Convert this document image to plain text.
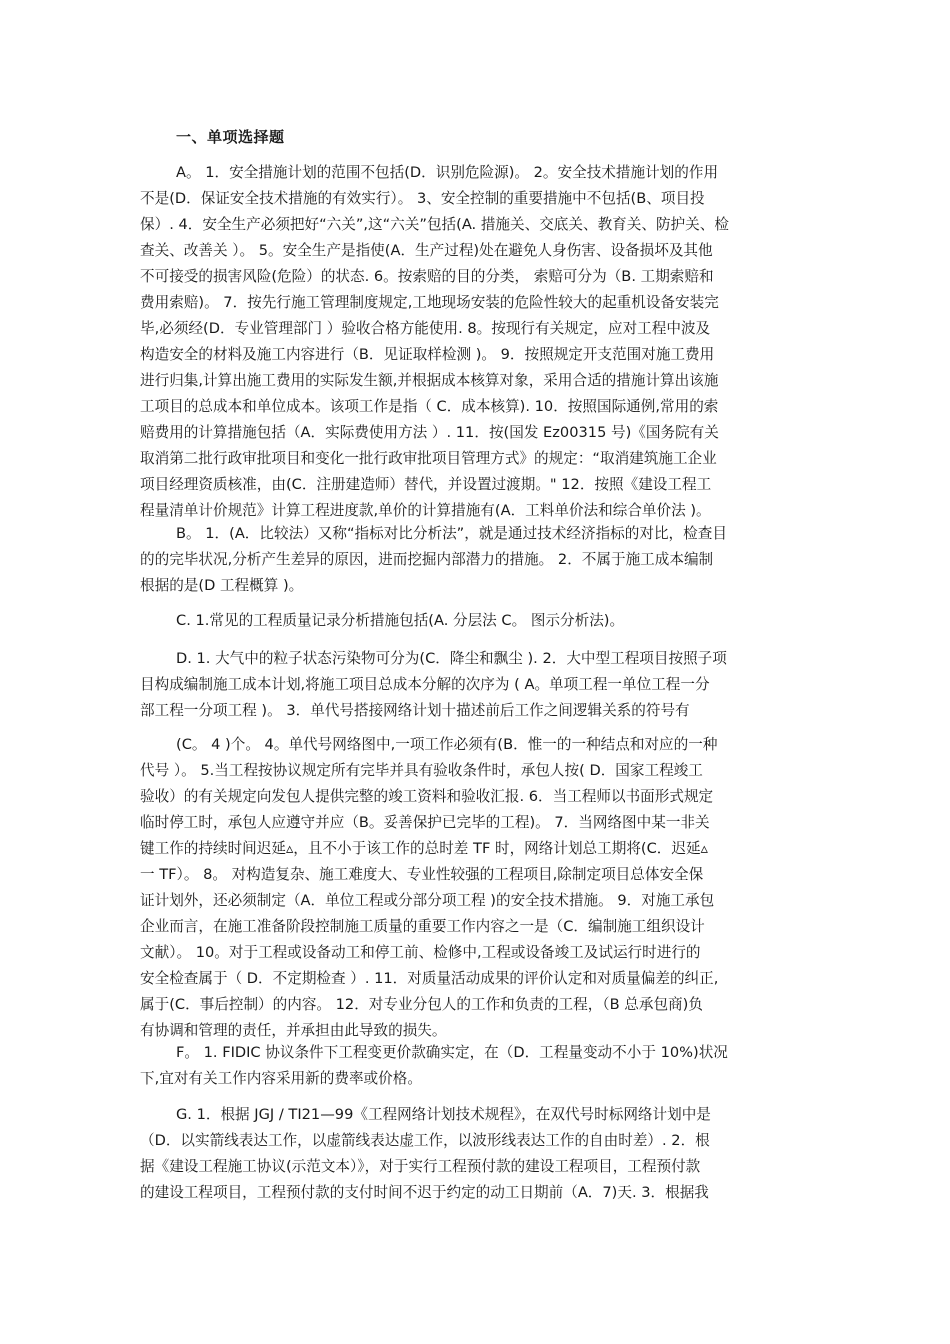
一、单项选择题
A。 1．安全措施计划的范围不包括(D．识别危险源)。 2。安全技术措施计划的作用
不是(D．保证安全技术措施的有效实行）。 3、安全控制的重要措施中不包括(B、项目投
保）. 4．安全生产必须把好“六关”,这“六关”包括(A. 措施关、交底关、教育关、防护关、检
查关、改善关 ）。 5。安全生产是指使(A．生产过程)处在避免人身伤害、设备损坏及其他
不可接受的损害风险(危险）的状态. 6。按索赔的目的分类， 索赔可分为（B. 工期索赔和
费用索赔)。 7．按先行施工管理制度规定,工地现场安装的危险性较大的起重机设备安装完
毕,必须经(D．专业管理部门 ）验收合格方能使用. 8。按现行有关规定，应对工程中波及
构造安全的材料及施工内容进行（B．见证取样检测 )。 9．按照规定开支范围对施工费用
进行归集,计算出施工费用的实际发生额,并根据成本核算对象，采用合适的措施计算出该施
工项目的总成本和单位成本。该项工作是指（ C．成本核算). 10．按照国际通例,常用的索
赔费用的计算措施包括（A．实际费使用方法 ）. 11．按(国发 Ez00315 号)《国务院有关
取消第二批行政审批项目和变化一批行政审批项目管理方式》的规定：“取消建筑施工企业
项目经理资质核准，由(C．注册建造师）替代，并设置过渡期。" 12．按照《建设工程工
程量清单计价规范》计算工程进度款,单价的计算措施有(A．工料单价法和综合单价法 )。
B。 1．(A．比较法）又称“指标对比分析法”，就是通过技术经济指标的对比，检查目
的的完毕状况,分析产生差异的原因，进而挖掘内部潜力的措施。 2．不属于施工成本编制
根据的是(D 工程概算 )。
C. 1.常见的工程质量记录分析措施包括(A. 分层法 C。 图示分析法)。
D. 1. 大气中的粒子状态污染物可分为(C．降尘和飘尘 ). 2．大中型工程项目按照子项
目构成编制施工成本计划,将施工项目总成本分解的次序为 ( A。单项工程一单位工程一分
部工程一分项工程 )。 3．单代号搭接网络计划十描述前后工作之间逻辑关系的符号有
(C。 4 )个。 4。单代号网络图中,一项工作必须有(B．惟一的一种结点和对应的一种
代号 ）。 5.当工程按协议规定所有完毕并具有验收条件时，承包人按( D．国家工程竣工
验收）的有关规定向发包人提供完整的竣工资料和验收汇报. 6．当工程师以书面形式规定
临时停工时，承包人应遵守并应（B。妥善保护已完毕的工程)。 7．当网络图中某一非关
键工作的持续时间迟延▵，且不小于该工作的总时差 TF 时，网络计划总工期将(C．迟延▵
一 TF）。 8。 对构造复杂、施工难度大、专业性较强的工程项目,除制定项目总体安全保
证计划外，还必须制定（A．单位工程或分部分项工程 )的安全技术措施。 9．对施工承包
企业而言，在施工准备阶段控制施工质量的重要工作内容之一是（C．编制施工组织设计
文献）。 10。对于工程或设备动工和停工前、检修中,工程或设备竣工及试运行时进行的
安全检查属于（ D．不定期检查 ）. 11．对质量活动成果的评价认定和对质量偏差的纠正,
属于(C．事后控制）的内容。 12．对专业分包人的工作和负责的工程，（B 总承包商)负
有协调和管理的责任，并承担由此导致的损失。
F。 1. FIDIC 协议条件下工程变更价款确实定，在（D．工程量变动不小于 10%)状况
下,宜对有关工作内容采用新的费率或价格。
G. 1．根据 JGJ / TI21—99《工程网络计划技术规程》，在双代号时标网络计划中是
（D．以实箭线表达工作，以虚箭线表达虚工作，以波形线表达工作的自由时差）. 2．根
据《建设工程施工协议(示范文本）》，对于实行工程预付款的建设工程项目，工程预付款
的建设工程项目，工程预付款的支付时间不迟于约定的动工日期前（A．7)天. 3．根据我
